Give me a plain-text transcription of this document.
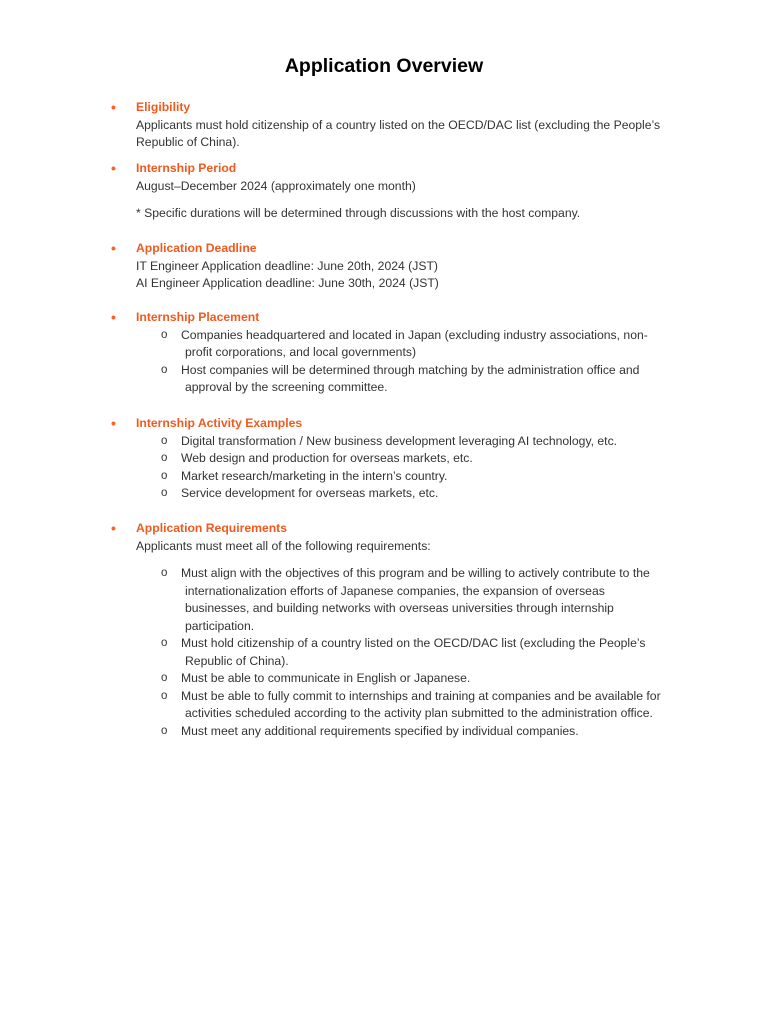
Application Overview
• Eligibility
Applicants must hold citizenship of a country listed on the OECD/DAC list (excluding the People’s Republic of China).
• Internship Period
August–December 2024 (approximately one month)
* Specific durations will be determined through discussions with the host company.
• Application Deadline
IT Engineer Application deadline: June 20th, 2024 (JST)
AI Engineer Application deadline: June 30th, 2024 (JST)
• Internship Placement
o Companies headquartered and located in Japan (excluding industry associations, non-profit corporations, and local governments)
o Host companies will be determined through matching by the administration office and approval by the screening committee.
• Internship Activity Examples
o Digital transformation / New business development leveraging AI technology, etc.
o Web design and production for overseas markets, etc.
o Market research/marketing in the intern’s country.
o Service development for overseas markets, etc.
• Application Requirements
Applicants must meet all of the following requirements:
o Must align with the objectives of this program and be willing to actively contribute to the internationalization efforts of Japanese companies, the expansion of overseas businesses, and building networks with overseas universities through internship participation.
o Must hold citizenship of a country listed on the OECD/DAC list (excluding the People’s Republic of China).
o Must be able to communicate in English or Japanese.
o Must be able to fully commit to internships and training at companies and be available for activities scheduled according to the activity plan submitted to the administration office.
o Must meet any additional requirements specified by individual companies.
